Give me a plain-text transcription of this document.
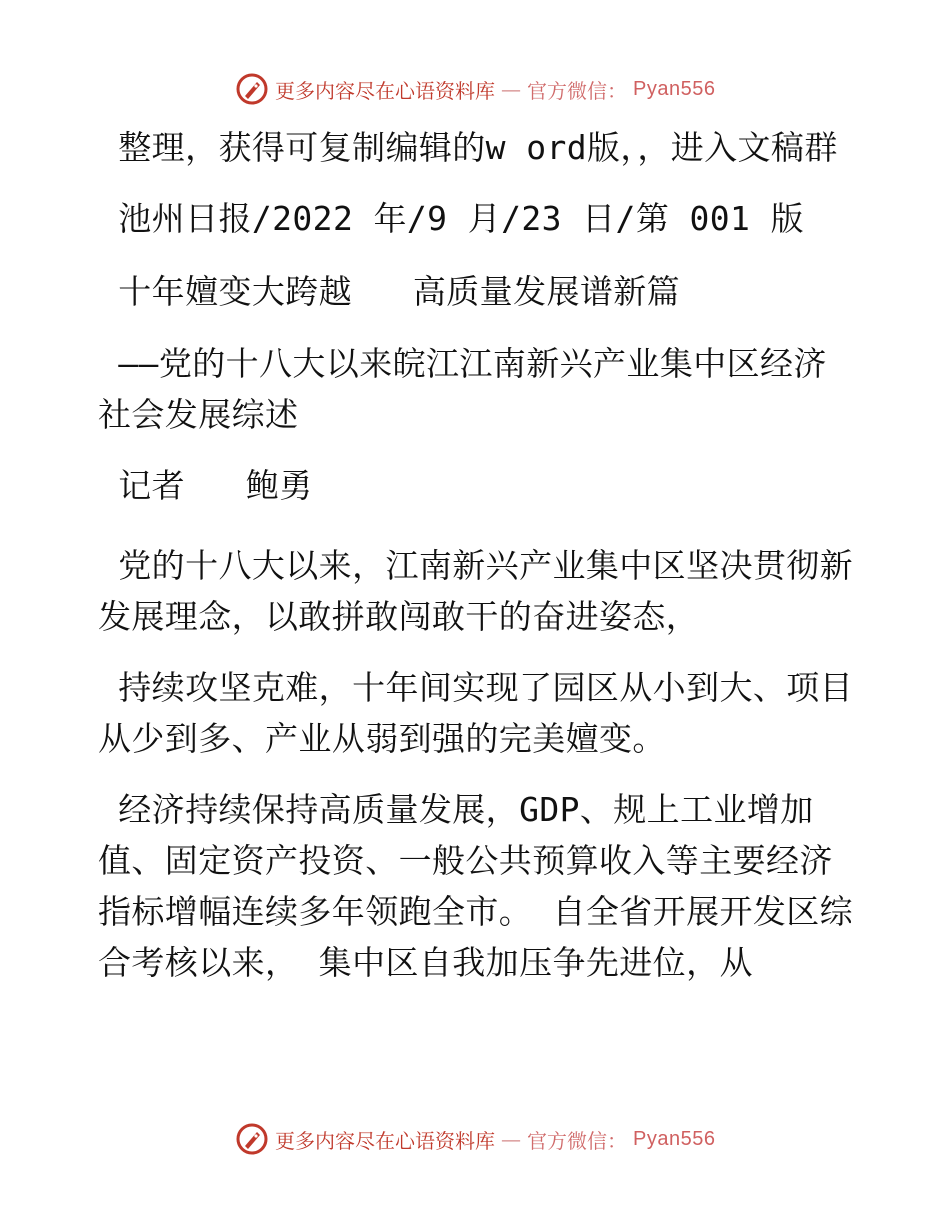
更多内容尽在心语资料库 — 官方微信： Pyan556

整理，获得可复制编辑的w ord版，，进入文稿群

池州日报/2022 年/9 月/23 日/第 001 版

十年嬗变大跨越   高质量发展谱新篇

——党的十八大以来皖江江南新兴产业集中区经济社会发展综述

记者   鲍勇

党的十八大以来，江南新兴产业集中区坚决贯彻新发展理念，以敢拼敢闯敢干的奋进姿态，

持续攻坚克难，十年间实现了园区从小到大、项目从少到多、产业从弱到强的完美嬗变。

经济持续保持高质量发展，GDP、规上工业增加值、固定资产投资、一般公共预算收入等主要经济指标增幅连续多年领跑全市。 自全省开展开发区综合考核以来， 集中区自我加压争先进位，从

更多内容尽在心语资料库 — 官方微信： Pyan556
